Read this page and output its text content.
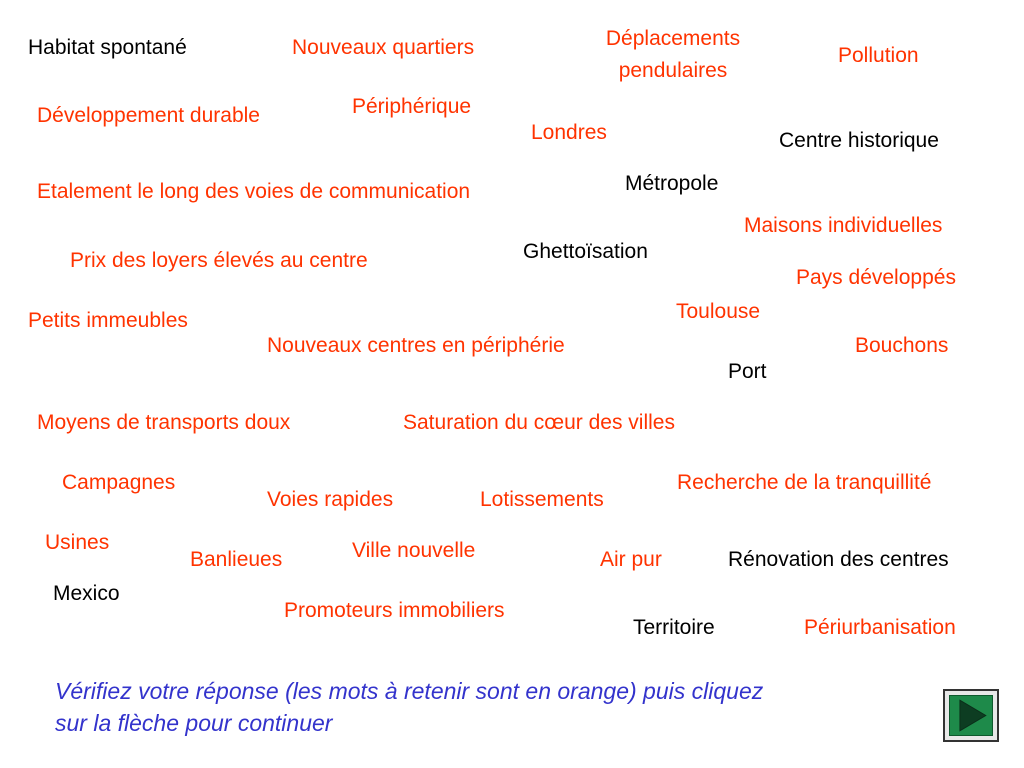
Habitat spontané	Nouveaux quartiers	Déplacements
pendulaires
Pollution
Développement durable	Périphérique
Londres	Centre historique
Métropole
Etalement le long des voies de communication
Maisons individuelles
Ghettoïsation
Prix des loyers élevés au centre
Pays développés
Toulouse
Petits immeubles
Nouveaux centres en périphérie	Bouchons
Port
Moyens de transports doux	Saturation du cœur des villes
Campagnes	Recherche de la tranquillité
Voies rapides	Lotissements
Usines	Ville nouvelle
Banlieues	Air pur	Rénovation des centres
Mexico
Promoteurs immobiliers
Territoire	Périurbanisation
Vérifiez votre réponse (les mots à retenir sont en orange) puis cliquez
sur la flèche pour continuer
